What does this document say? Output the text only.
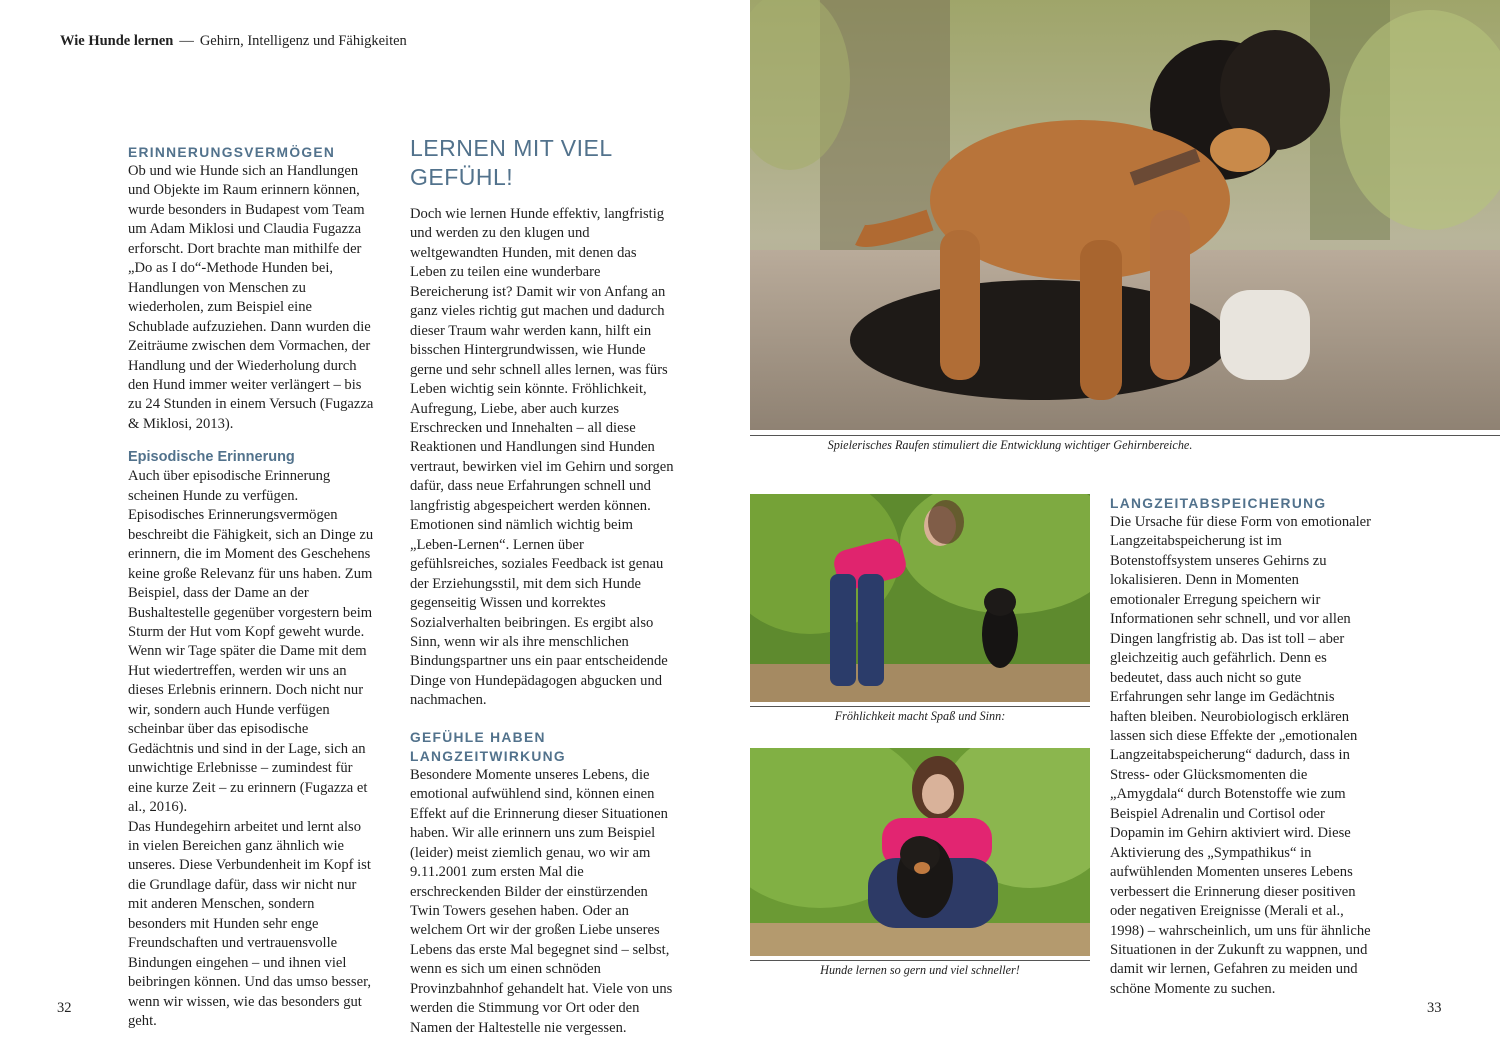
Wie Hunde lernen — Gehirn, Intelligenz und Fähigkeiten
ERINNERUNGSVERMÖGEN

Ob und wie Hunde sich an Handlungen und Objekte im Raum erinnern können, wurde besonders in Budapest vom Team um Adam Miklosi und Claudia Fugazza erforscht. Dort brachte man mithilfe der „Do as I do“-Methode Hunden bei, Handlungen von Menschen zu wiederholen, zum Beispiel eine Schublade aufzuziehen. Dann wurden die Zeiträume zwischen dem Vormachen, der Handlung und der Wiederholung durch den Hund immer weiter verlängert – bis zu 24 Stunden in einem Versuch (Fugazza & Miklosi, 2013).

Episodische Erinnerung

Auch über episodische Erinnerung scheinen Hunde zu verfügen. Episodisches Erinnerungsvermögen beschreibt die Fähigkeit, sich an Dinge zu erinnern, die im Moment des Geschehens keine große Relevanz für uns haben. Zum Beispiel, dass der Dame an der Bushaltestelle gegenüber vorgestern beim Sturm der Hut vom Kopf geweht wurde. Wenn wir Tage später die Dame mit dem Hut wiedertreffen, werden wir uns an dieses Erlebnis erinnern. Doch nicht nur wir, sondern auch Hunde verfügen scheinbar über das episodische Gedächtnis und sind in der Lage, sich an unwichtige Erlebnisse – zumindest für eine kurze Zeit – zu erinnern (Fugazza et al., 2016).

Das Hundegehirn arbeitet und lernt also in vielen Bereichen ganz ähnlich wie unseres. Diese Verbundenheit im Kopf ist die Grundlage dafür, dass wir nicht nur mit anderen Menschen, sondern besonders mit Hunden sehr enge Freundschaften und vertrauensvolle Bindungen eingehen – und ihnen viel beibringen können. Und das umso besser, wenn wir wissen, wie das besonders gut geht.

LERNEN MIT VIEL GEFÜHL!

Doch wie lernen Hunde effektiv, langfristig und werden zu den klugen und weltgewandten Hunden, mit denen das Leben zu teilen eine wunderbare Bereicherung ist? Damit wir von Anfang an ganz vieles richtig gut machen und dadurch dieser Traum wahr werden kann, hilft ein bisschen Hintergrundwissen, wie Hunde gerne und sehr schnell alles lernen, was fürs Leben wichtig sein könnte. Fröhlichkeit, Aufregung, Liebe, aber auch kurzes Erschrecken und Innehalten – all diese Reaktionen und Handlungen sind Hunden vertraut, bewirken viel im Gehirn und sorgen dafür, dass neue Erfahrungen schnell und langfristig abgespeichert werden können. Emotionen sind nämlich wichtig beim „Leben-Lernen“. Lernen über gefühlsreiches, soziales Feedback ist genau der Erziehungsstil, mit dem sich Hunde gegenseitig Wissen und korrektes Sozialverhalten beibringen. Es ergibt also Sinn, wenn wir als ihre menschlichen Bindungspartner uns ein paar entscheidende Dinge von Hundepädagogen abgucken und nachmachen.

GEFÜHLE HABEN LANGZEITWIRKUNG

Besondere Momente unseres Lebens, die emotional aufwühlend sind, können einen Effekt auf die Erinnerung dieser Situationen haben. Wir alle erinnern uns zum Beispiel (leider) meist ziemlich genau, wo wir am 9.11.2001 zum ersten Mal die erschreckenden Bilder der einstürzenden Twin Towers gesehen haben. Oder an welchem Ort wir der großen Liebe unseres Lebens das erste Mal begegnet sind – selbst, wenn es sich um einen schnöden Provinzbahnhof gehandelt hat. Viele von uns werden die Stimmung vor Ort oder den Namen der Haltestelle nie vergessen.

Spielerisches Raufen stimuliert die Entwicklung wichtiger Gehirnbereiche.
Fröhlichkeit macht Spaß und Sinn:
Hunde lernen so gern und viel schneller!
LANGZEITABSPEICHERUNG

Die Ursache für diese Form von emotionaler Langzeitabspeicherung ist im Botenstoffsystem unseres Gehirns zu lokalisieren. Denn in Momenten emotionaler Erregung speichern wir Informationen sehr schnell, und vor allen Dingen langfristig ab. Das ist toll – aber gleichzeitig auch gefährlich. Denn es bedeutet, dass auch nicht so gute Erfahrungen sehr lange im Gedächtnis haften bleiben. Neurobiologisch erklären lassen sich diese Effekte der „emotionalen Langzeitabspeicherung“ dadurch, dass in Stress- oder Glücksmomenten die „Amygdala“ durch Botenstoffe wie zum Beispiel Adrenalin und Cortisol oder Dopamin im Gehirn aktiviert wird. Diese Aktivierung des „Sympathikus“ in aufwühlenden Momenten unseres Lebens verbessert die Erinnerung dieser positiven oder negativen Ereignisse (Merali et al., 1998) – wahrscheinlich, um uns für ähnliche Situationen in der Zukunft zu wappnen, und damit wir lernen, Gefahren zu meiden und schöne Momente zu suchen.

32	33
